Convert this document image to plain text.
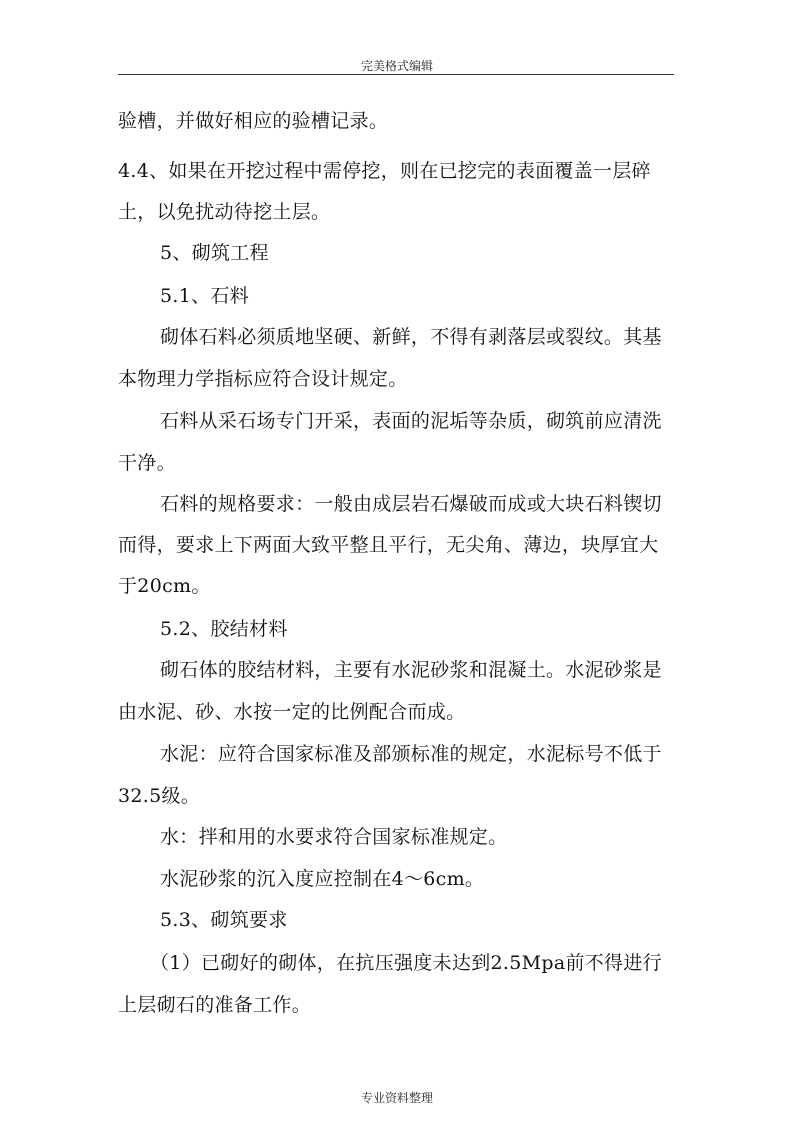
完美格式编辑
验槽，并做好相应的验槽记录。
4.4、如果在开挖过程中需停挖，则在已挖完的表面覆盖一层碎
土，以免扰动待挖土层。
5、砌筑工程
5.1、石料
砌体石料必须质地坚硬、新鲜，不得有剥落层或裂纹。其基
本物理力学指标应符合设计规定。
石料从采石场专门开采，表面的泥垢等杂质，砌筑前应清洗
干净。
石料的规格要求：一般由成层岩石爆破而成或大块石料锲切
而得，要求上下两面大致平整且平行，无尖角、薄边，块厚宜大
于20cm。
5.2、胶结材料
砌石体的胶结材料，主要有水泥砂浆和混凝土。水泥砂浆是
由水泥、砂、水按一定的比例配合而成。
水泥：应符合国家标准及部颁标准的规定，水泥标号不低于
32.5级。
水：拌和用的水要求符合国家标准规定。
水泥砂浆的沉入度应控制在4～6cm。
5.3、砌筑要求
（1）已砌好的砌体，在抗压强度未达到2.5Mpa前不得进行
上层砌石的准备工作。
专业资料整理
